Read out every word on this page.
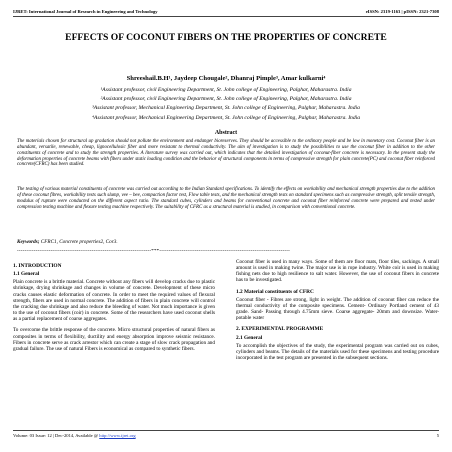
IJRET: International Journal of Research in Engineering and Technology	eISSN: 2319-1163 | pISSN: 2321-7308
EFFECTS OF COCONUT FIBERS ON THE PROPERTIES OF CONCRETE
Shreeshail.B.H¹, Jaydeep Chougale², Dhanraj Pimple³, Amar kulkarni⁴
¹Assistant professor, civil Engineering Department, St. John college of Engineering, Palghar, Maharastra. India
²Assistant professor, civil Engineering Department, St. John college of Engineering, Palghar, Maharastra. India
³Assistant professor, Mechanical Engineering Department, St. John college of Engineering, Palghar, Maharastra. India
⁴Assistant professor, Mechanical Engineering Department, St. John college of Engineering, Palghar, Maharastra. India
Abstract
The materials chosen for structural up gradation should not pollute the environment and endanger bioreserves. They should be accessible to the ordinary people and be low in monetary cost. Coconut fiber is an abundant, versatile, renewable, cheap, lignocellulosic fiber and more resistant to thermal conductivity. The aim of investigation is to study the possibilities to use the coconut fiber in addition to the other constituents of concrete and to study the strength properties. A literature survey was carried out, which indicates that the detailed investigation of coconut-fiber concrete is necessary. In the present study the deformation properties of concrete beams with fibers under static loading condition and the behavior of structural components in terms of compressive strength for plain concrete(PC) and coconut fiber reinforced concrete(CFRC) has been studied.
The testing of various material constituents of concrete was carried out according to the Indian Standard specifications. To identify the effects on workability and mechanical strength properties due to the addition of these coconut fibres, workability tests such slump, vee – bee, compaction factor test, Flow table tests, and the mechanical strength tests on standard specimens such as compressive strength, split tensile strength, modulus of rupture were conducted on the different aspect ratio. The standard cubes, cylinders and beams for conventional concrete and coconut fiber reinforced concrete were prepared and tested under compression testing machine and flexure testing machine respectively. The suitability of CFRC as a structural material is studied, in comparison with conventional concrete.
Keywords; CFRC1, Concrete properties2, Cor3.
------------------------------------------------------------------------***----------------------------------------------------------------------
1. INTRODUCTION
1.1 General

Plain concrete is a brittle material. Concrete without any fibers will develop cracks due to plastic shrinkage, drying shrinkage and changes in volume of concrete. Development of these micro cracks causes elastic deformation of concrete. In order to meet the required values of flexural strength, fibers are used in normal concrete. The addition of fibers in plain concrete will control the cracking due shrinkage and also reduce the bleeding of water. Not much importance is given to the use of coconut fibers (coir) in concrete. Some of the researchers have used coconut shells as a partial replacement of coarse aggregates.

To overcome the brittle response of the concrete. Micro structural properties of natural fibers as composites in terms of flexibility, ductility and energy absorption improve seismic resistance. Fibers in concrete serve as crack arrestor which can create a stage of slow crack propagation and gradual failure. The use of natural Fibers is economical as compared to synthetic fibers.

Coconut fiber is used in many ways. Some of them are floor mats, floor tiles, sackings. A small amount is used in making twine. The major use is in rope industry. White coir is used in making fishing nets due to high resilience to salt water. However, the use of coconut fibers in concrete has to be investigated.

1.2 Material constituents of CFRC

Coconut fiber - Fibres are strong, light in weight. The addition of coconut fiber can reduce the thermal conductivity of the composite specimens. Cement- Ordinary Portland cement of 43 grade. Sand- Passing through 4.75mm sieve. Coarse aggregate- 20mm and downsize. Water- potable water

2. EXPERIMENTAL PROGRAMME
2.1 General

To accomplish the objectives of the study, the experimental program was carried out on cubes, cylinders and beams. The details of the materials used for these specimens and testing procedure incorporated in the test program are presented in the subsequent sections.

Volume: 03 Issue: 12 | Dec-2014, Available @ http://www.ijret.org	5
